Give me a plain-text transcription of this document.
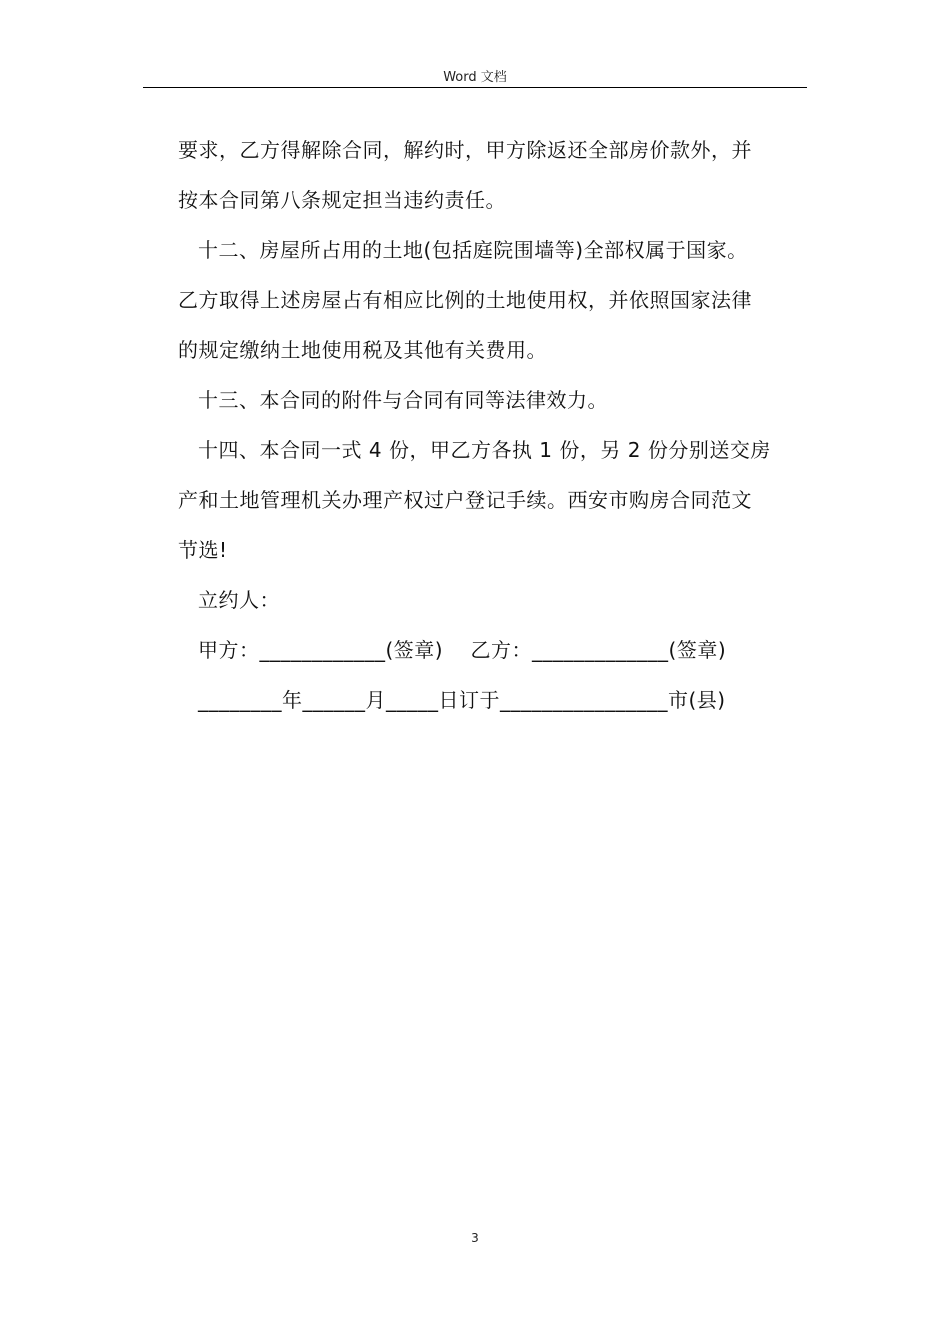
Word 文档
要求，乙方得解除合同，解约时，甲方除返还全部房价款外，并
按本合同第八条规定担当违约责任。
十二、房屋所占用的土地(包括庭院围墙等)全部权属于国家。
乙方取得上述房屋占有相应比例的土地使用权，并依照国家法律
的规定缴纳土地使用税及其他有关费用。
十三、本合同的附件与合同有同等法律效力。
十四、本合同一式 4 份，甲乙方各执 1 份，另 2 份分别送交房
产和土地管理机关办理产权过户登记手续。西安市购房合同范文
节选!
立约人：
甲方：____________(签章)    乙方：_____________(签章)
________年______月_____日订于________________市(县)
3
